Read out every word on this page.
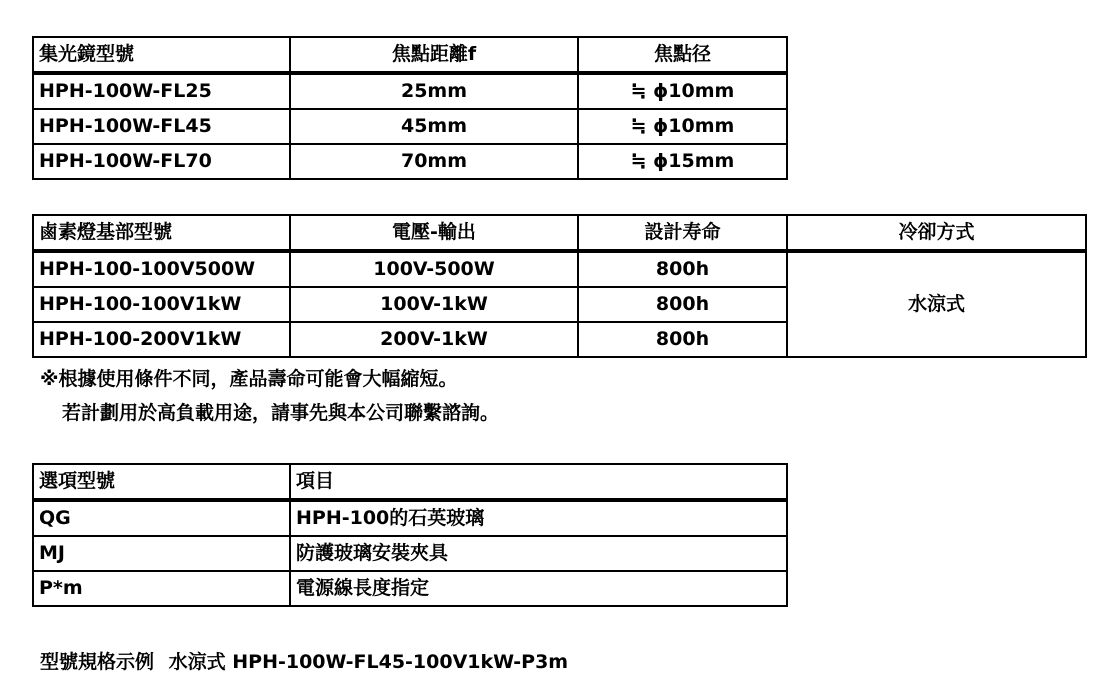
集光鏡型號	焦點距離f	焦點径
HPH-100W-FL25	25mm	≒ ϕ10mm
HPH-100W-FL45	45mm	≒ ϕ10mm
HPH-100W-FL70	70mm	≒ ϕ15mm
鹵素燈基部型號	電壓-輸出	設計寿命	冷卻方式
HPH-100-100V500W	100V-500W	800h	水涼式
HPH-100-100V1kW	100V-1kW	800h	
HPH-100-200V1kW	200V-1kW	800h	
※根據使用條件不同，產品壽命可能會大幅縮短。
若計劃用於高負載用途，請事先與本公司聯繫諮詢。
選項型號	項目
QG	HPH-100的石英玻璃
MJ	防護玻璃安裝夾具
P*m	電源線長度指定
型號規格示例 水涼式 HPH-100W-FL45-100V1kW-P3m
